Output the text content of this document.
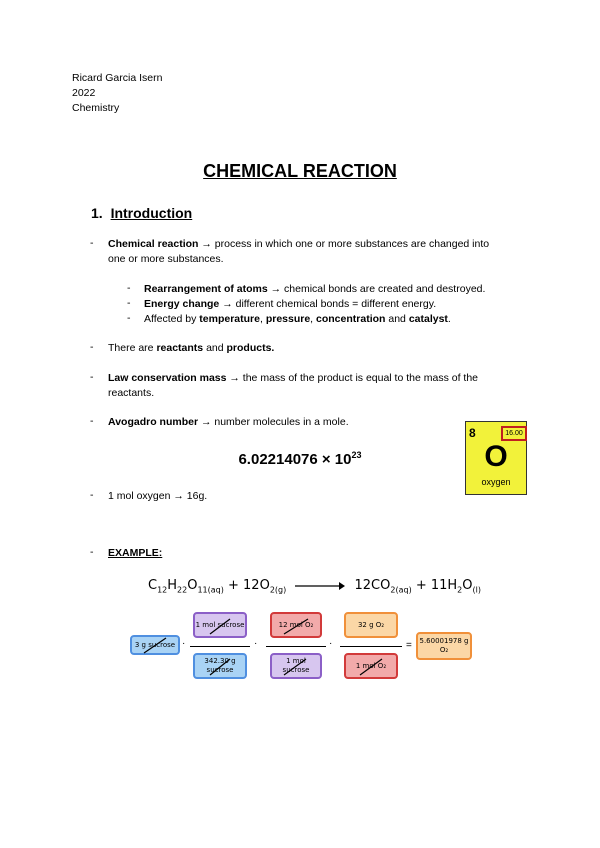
Ricard Garcia Isern
2022
Chemistry
CHEMICAL REACTION
1. Introduction
- Chemical reaction → process in which one or more substances are changed into
one or more substances.
- Rearrangement of atoms → chemical bonds are created and destroyed.
- Energy change → different chemical bonds = different energy.
- Affected by temperature, pressure, concentration and catalyst.
- There are reactants and products.
- Law conservation mass → the mass of the product is equal to the mass of the
reactants.
- Avogadro number → number molecules in a mole.
$6.02214076 \times 10^{23}$
8	16.00
O
oxygen
- 1 mol oxygen → 16g.
- EXAMPLE:
$C_{12}H_{22}O_{11(aq)} + 12O_{2(g)} \to 12CO_{2(aq)} + 11H_2O_{(l)}$
3 g sucrose ·
1 mol sucrose
342.30 g sucrose
·
12 mol O₂
1 mol sucrose
·
32 g O₂
1 mol O₂
= 5.60001978 g O₂
